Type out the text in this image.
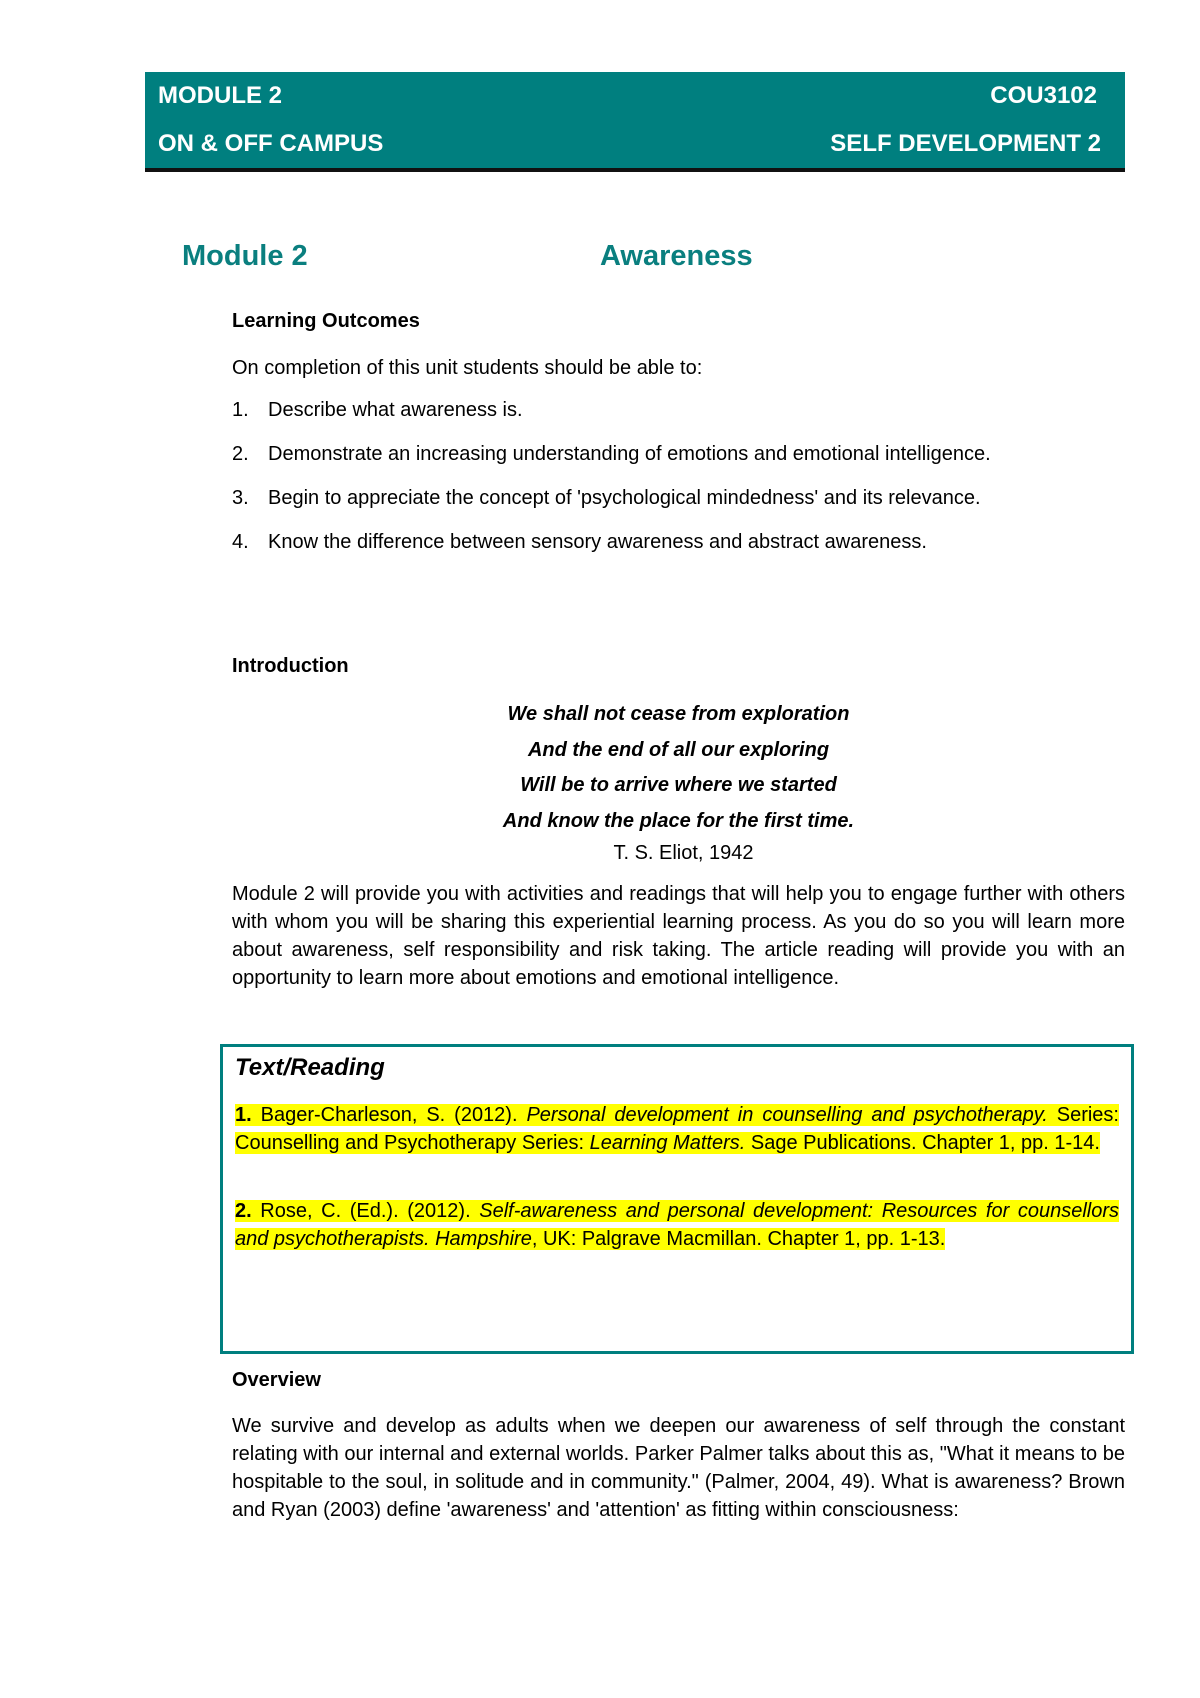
MODULE 2	COU3102
ON & OFF CAMPUS	SELF DEVELOPMENT 2
Module 2	Awareness
Learning Outcomes
On completion of this unit students should be able to:
1. Describe what awareness is.
2. Demonstrate an increasing understanding of emotions and emotional intelligence.
3. Begin to appreciate the concept of 'psychological mindedness' and its relevance.
4. Know the difference between sensory awareness and abstract awareness.
Introduction
We shall not cease from exploration
And the end of all our exploring
Will be to arrive where we started
And know the place for the first time.
T. S. Eliot, 1942
Module 2 will provide you with activities and readings that will help you to engage further with others with whom you will be sharing this experiential learning process. As you do so you will learn more about awareness, self responsibility and risk taking. The article reading will provide you with an opportunity to learn more about emotions and emotional intelligence.
Text/Reading
1. Bager-Charleson, S. (2012). Personal development in counselling and psychotherapy. Series: Counselling and Psychotherapy Series: Learning Matters. Sage Publications. Chapter 1, pp. 1-14.
2. Rose, C. (Ed.). (2012). Self-awareness and personal development: Resources for counsellors and psychotherapists. Hampshire, UK: Palgrave Macmillan. Chapter 1, pp. 1-13.
Overview
We survive and develop as adults when we deepen our awareness of self through the constant relating with our internal and external worlds. Parker Palmer talks about this as, "What it means to be hospitable to the soul, in solitude and in community." (Palmer, 2004, 49). What is awareness? Brown and Ryan (2003) define 'awareness' and 'attention' as fitting within consciousness:
